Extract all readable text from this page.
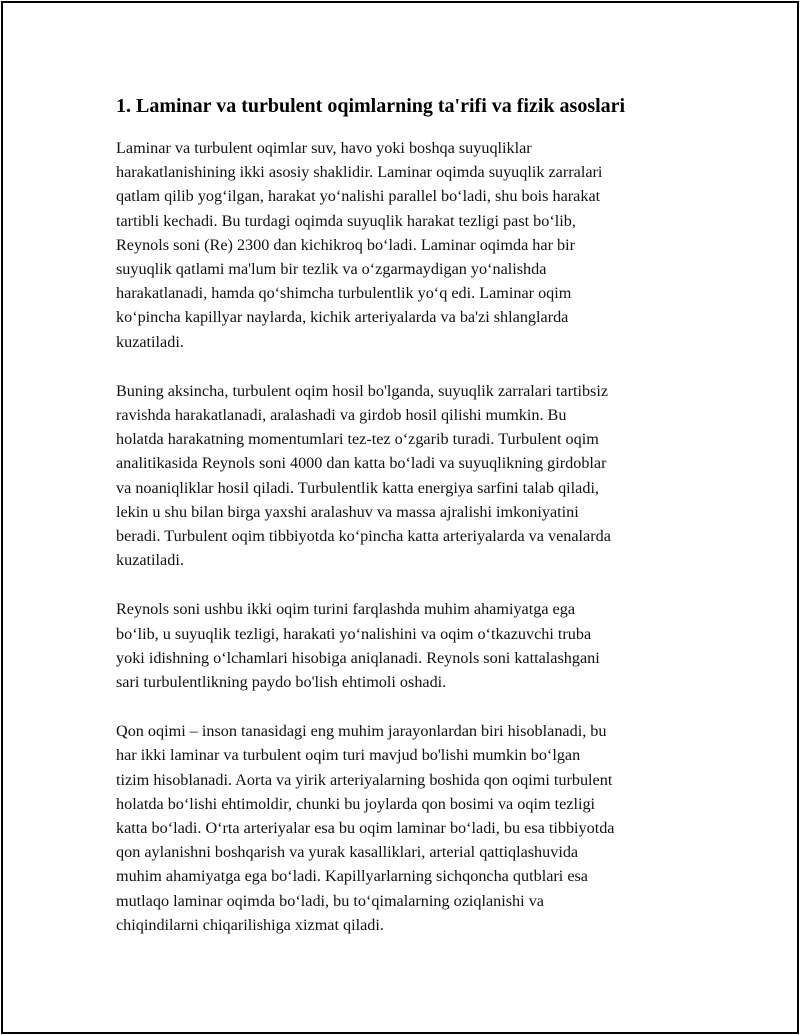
1. Laminar va turbulent oqimlarning ta'rifi va fizik asoslari

Laminar va turbulent oqimlar suv, havo yoki boshqa suyuqliklar
harakatlanishining ikki asosiy shaklidir. Laminar oqimda suyuqlik zarralari
qatlam qilib yog‘ilgan, harakat yo‘nalishi parallel bo‘ladi, shu bois harakat
tartibli kechadi. Bu turdagi oqimda suyuqlik harakat tezligi past bo‘lib,
Reynols soni (Re) 2300 dan kichikroq bo‘ladi. Laminar oqimda har bir
suyuqlik qatlami ma'lum bir tezlik va o‘zgarmaydigan yo‘nalishda
harakatlanadi, hamda qo‘shimcha turbulentlik yo‘q edi. Laminar oqim
ko‘pincha kapillyar naylarda, kichik arteriyalarda va ba'zi shlanglarda
kuzatiladi.

Buning aksincha, turbulent oqim hosil bo'lganda, suyuqlik zarralari tartibsiz
ravishda harakatlanadi, aralashadi va girdob hosil qilishi mumkin. Bu
holatda harakatning momentumlari tez-tez o‘zgarib turadi. Turbulent oqim
analitikasida Reynols soni 4000 dan katta bo‘ladi va suyuqlikning girdoblar
va noaniqliklar hosil qiladi. Turbulentlik katta energiya sarfini talab qiladi,
lekin u shu bilan birga yaxshi aralashuv va massa ajralishi imkoniyatini
beradi. Turbulent oqim tibbiyotda ko‘pincha katta arteriyalarda va venalarda
kuzatiladi.

Reynols soni ushbu ikki oqim turini farqlashda muhim ahamiyatga ega
bo‘lib, u suyuqlik tezligi, harakati yo‘nalishini va oqim o‘tkazuvchi truba
yoki idishning o‘lchamlari hisobiga aniqlanadi. Reynols soni kattalashgani
sari turbulentlikning paydo bo'lish ehtimoli oshadi.

Qon oqimi – inson tanasidagi eng muhim jarayonlardan biri hisoblanadi, bu
har ikki laminar va turbulent oqim turi mavjud bo'lishi mumkin bo‘lgan
tizim hisoblanadi. Aorta va yirik arteriyalarning boshida qon oqimi turbulent
holatda bo‘lishi ehtimoldir, chunki bu joylarda qon bosimi va oqim tezligi
katta bo‘ladi. O‘rta arteriyalar esa bu oqim laminar bo‘ladi, bu esa tibbiyotda
qon aylanishni boshqarish va yurak kasalliklari, arterial qattiqlashuvida
muhim ahamiyatga ega bo‘ladi. Kapillyarlarning sichqoncha qutblari esa
mutlaqo laminar oqimda bo‘ladi, bu to‘qimalarning oziqlanishi va
chiqindilarni chiqarilishiga xizmat qiladi.
